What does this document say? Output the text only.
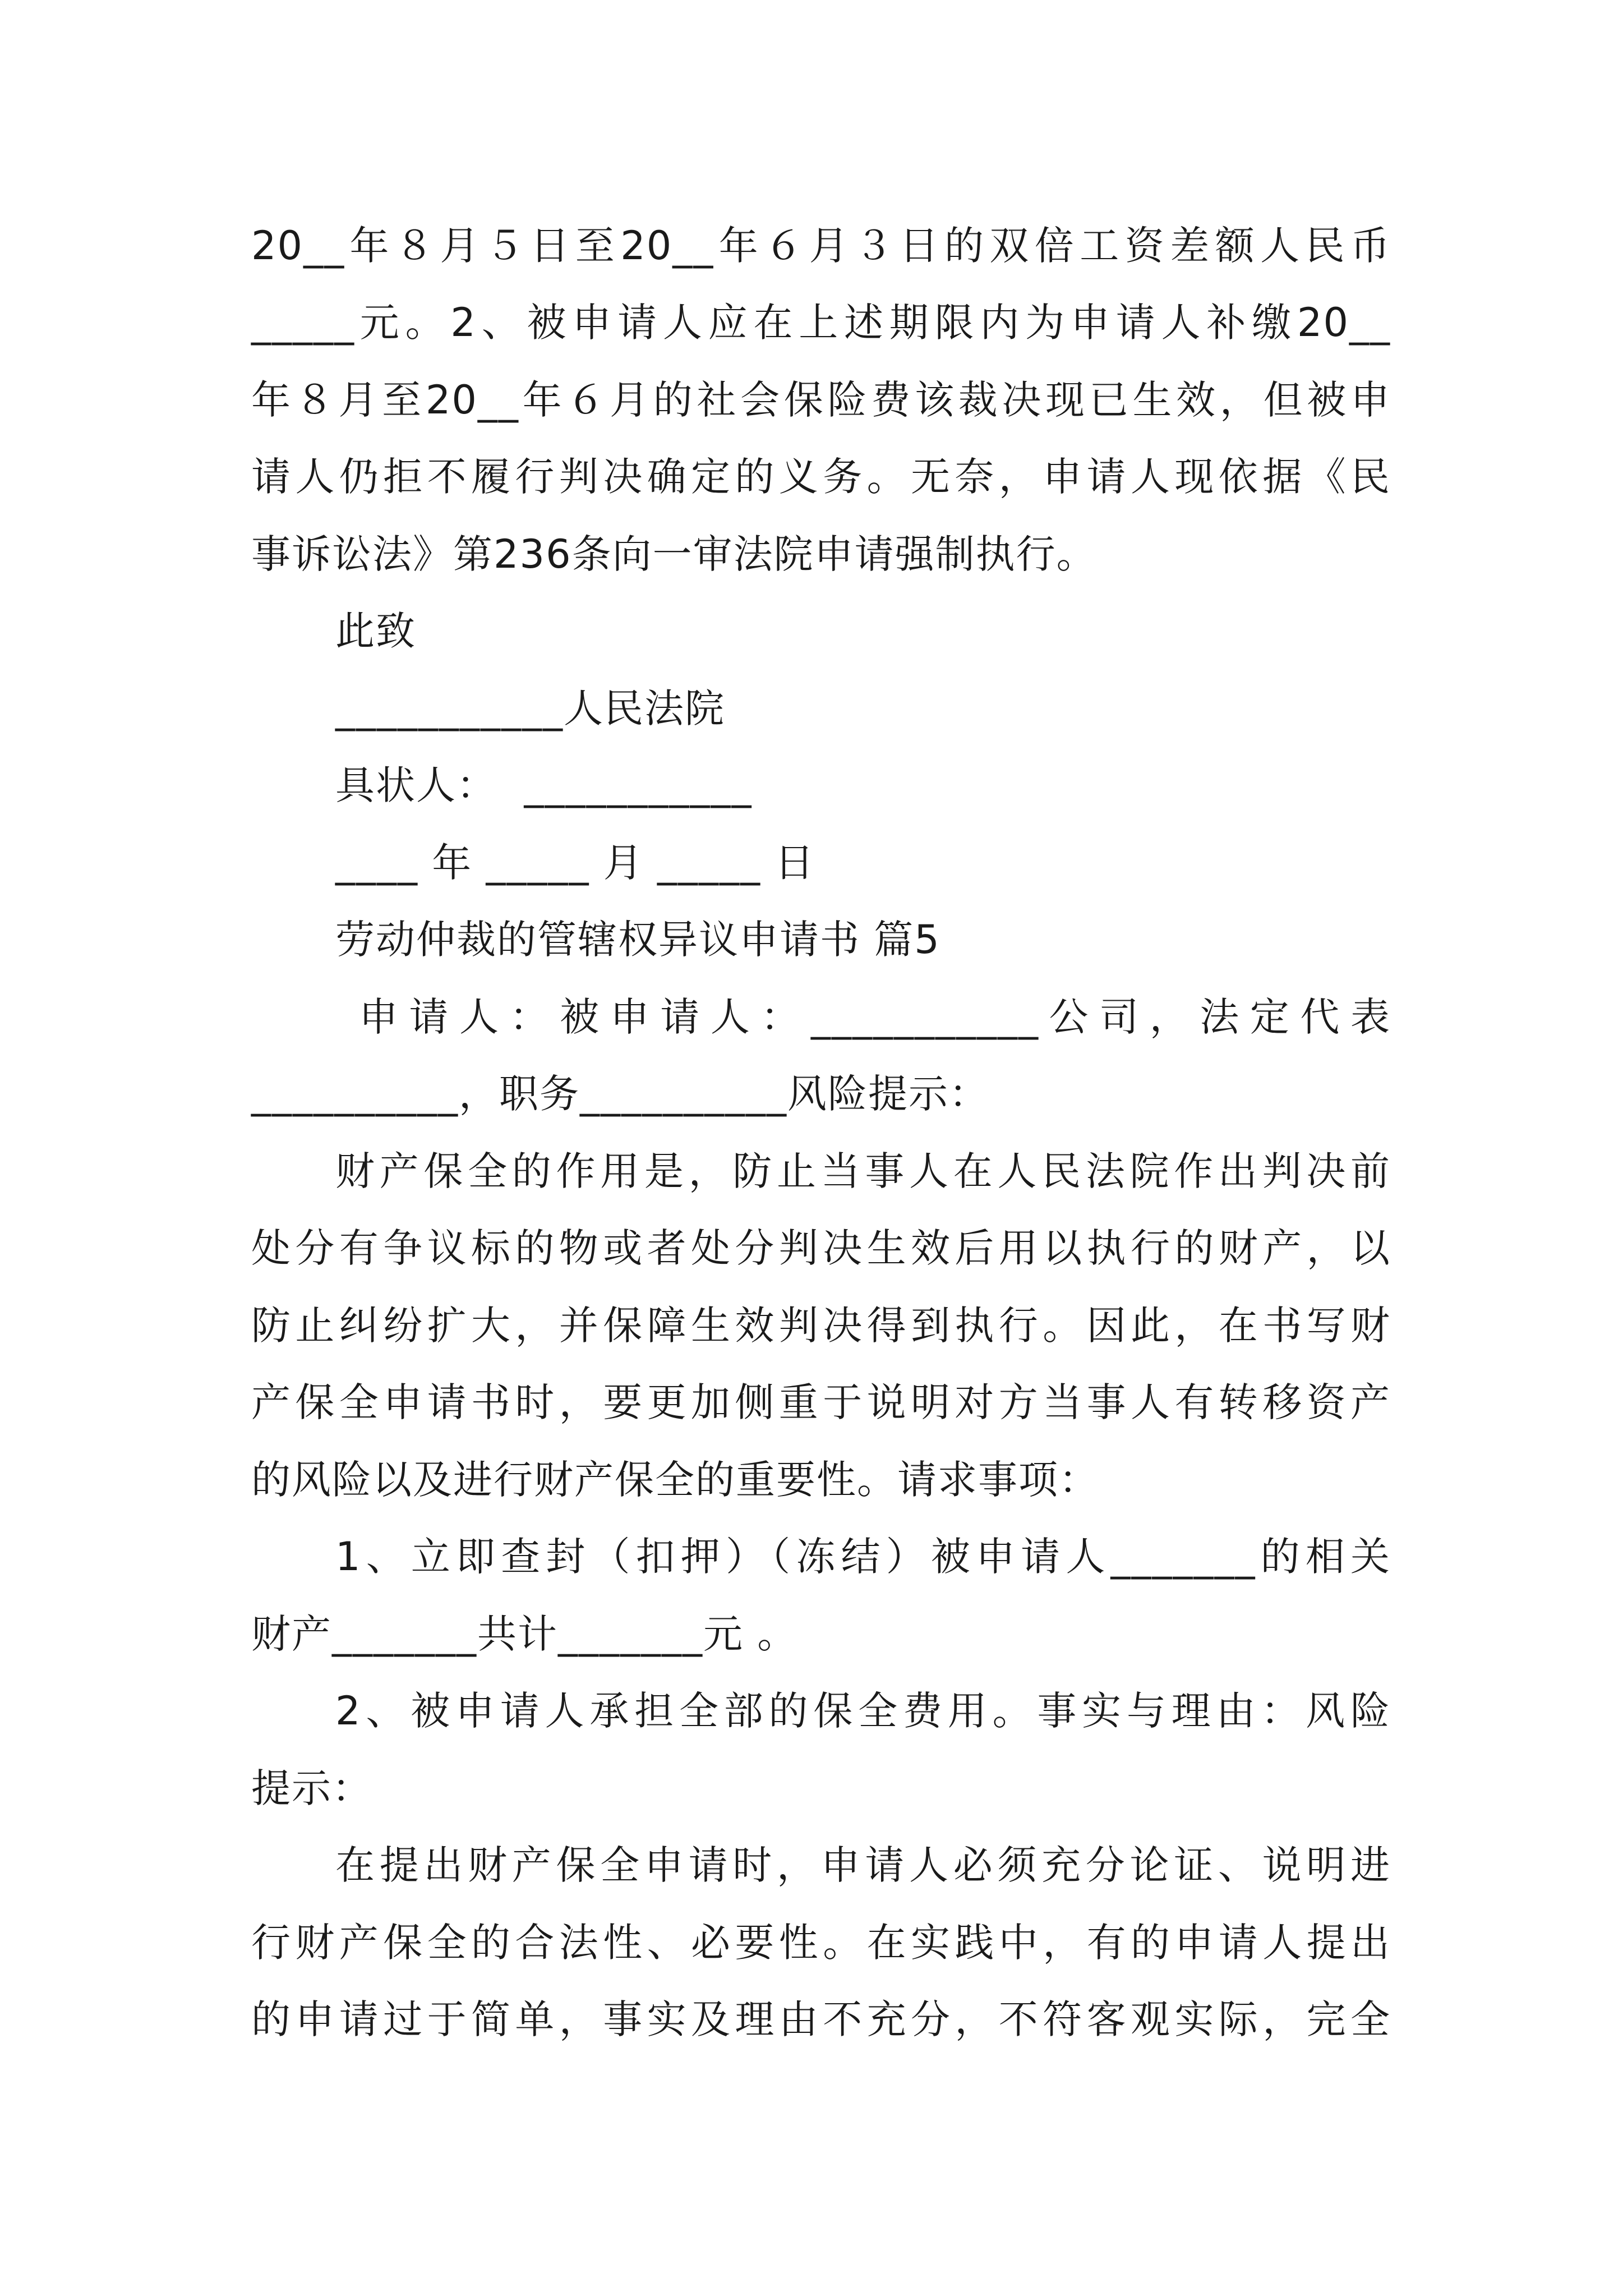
20__年８月５日至20__年６月３日的双倍工资差额人民币
_____元。2、被申请人应在上述期限内为申请人补缴20__
年８月至20__年６月的社会保险费该裁决现已生效，但被申
请人仍拒不履行判决确定的义务。无奈，申请人现依据《民
事诉讼法》第236条向一审法院申请强制执行。
此致
___________人民法院
具状人：  ___________
____ 年 _____ 月 _____ 日
劳动仲裁的管辖权异议申请书 篇5
申请人：被申请人：___________公司，法定代表
__________，职务__________风险提示：
财产保全的作用是，防止当事人在人民法院作出判决前
处分有争议标的物或者处分判决生效后用以执行的财产，以
防止纠纷扩大，并保障生效判决得到执行。因此，在书写财
产保全申请书时，要更加侧重于说明对方当事人有转移资产
的风险以及进行财产保全的重要性。请求事项：
1、立即查封（扣押）（冻结）被申请人_______的相关
财产_______共计_______元 。
2、被申请人承担全部的保全费用。事实与理由：风险
提示：
在提出财产保全申请时，申请人必须充分论证、说明进
行财产保全的合法性、必要性。在实践中，有的申请人提出
的申请过于简单，事实及理由不充分，不符客观实际，完全
